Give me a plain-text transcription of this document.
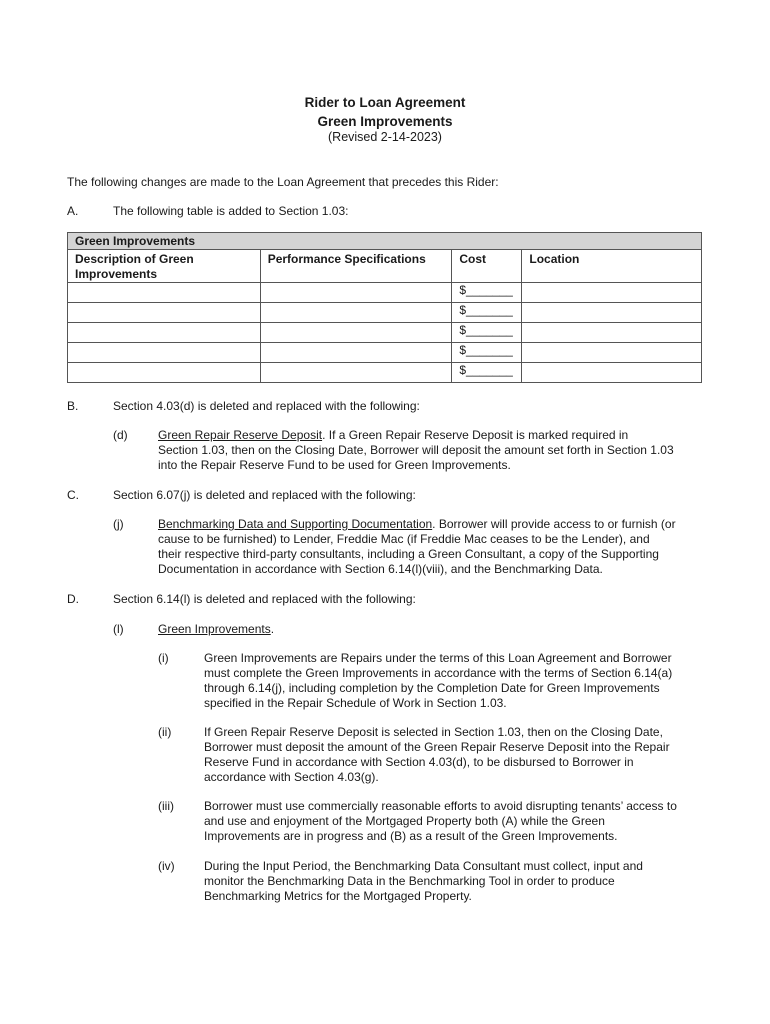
Rider to Loan Agreement
Green Improvements
(Revised 2-14-2023)
The following changes are made to the Loan Agreement that precedes this Rider:
A.	The following table is added to Section 1.03:
Green Improvements			
Description of Green Improvements	Performance Specifications	Cost	Location
		$_______	
		$_______	
		$_______	
		$_______	
		$_______	
B.	Section 4.03(d) is deleted and replaced with the following:
(d)	Green Repair Reserve Deposit. If a Green Repair Reserve Deposit is marked required in
Section 1.03, then on the Closing Date, Borrower will deposit the amount set forth in Section 1.03
into the Repair Reserve Fund to be used for Green Improvements.
C.	Section 6.07(j) is deleted and replaced with the following:
(j)	Benchmarking Data and Supporting Documentation. Borrower will provide access to or furnish (or
cause to be furnished) to Lender, Freddie Mac (if Freddie Mac ceases to be the Lender), and
their respective third-party consultants, including a Green Consultant, a copy of the Supporting
Documentation in accordance with Section 6.14(l)(viii), and the Benchmarking Data.
D.	Section 6.14(l) is deleted and replaced with the following:
(l)	Green Improvements.
(i)	Green Improvements are Repairs under the terms of this Loan Agreement and Borrower
must complete the Green Improvements in accordance with the terms of Section 6.14(a)
through 6.14(j), including completion by the Completion Date for Green Improvements
specified in the Repair Schedule of Work in Section 1.03.
(ii)	If Green Repair Reserve Deposit is selected in Section 1.03, then on the Closing Date,
Borrower must deposit the amount of the Green Repair Reserve Deposit into the Repair
Reserve Fund in accordance with Section 4.03(d), to be disbursed to Borrower in
accordance with Section 4.03(g).
(iii)	Borrower must use commercially reasonable efforts to avoid disrupting tenants’ access to
and use and enjoyment of the Mortgaged Property both (A) while the Green
Improvements are in progress and (B) as a result of the Green Improvements.
(iv) During the Input Period, the Benchmarking Data Consultant must collect, input and
monitor the Benchmarking Data in the Benchmarking Tool in order to produce
Benchmarking Metrics for the Mortgaged Property.
